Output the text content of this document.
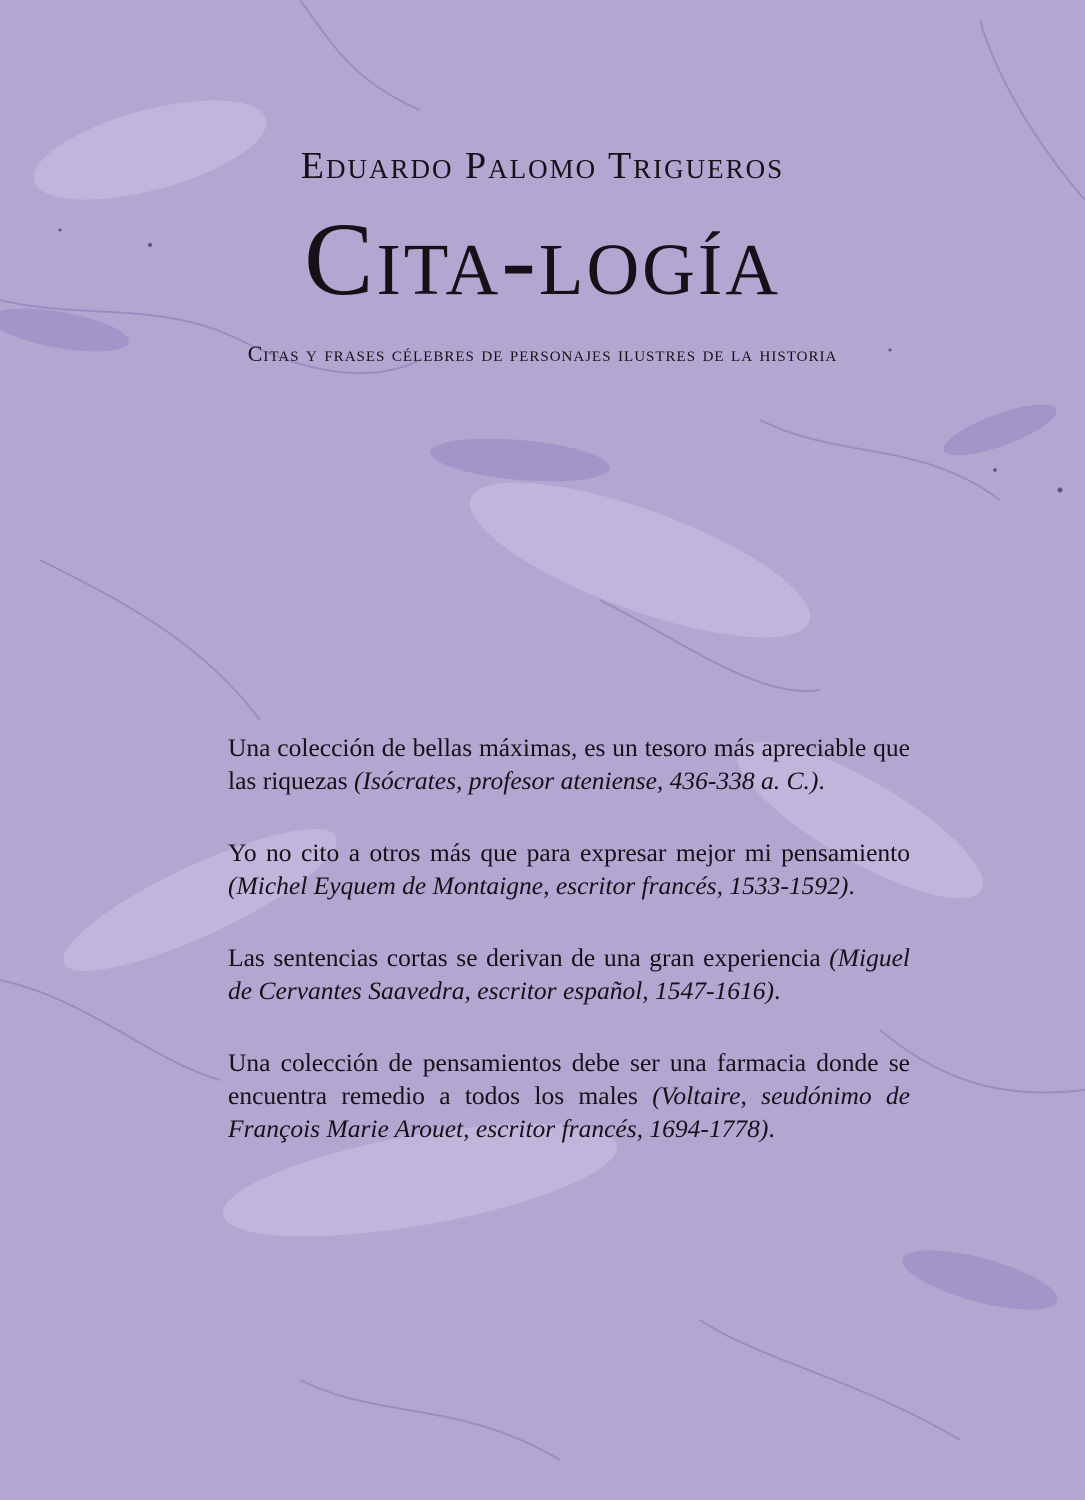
Eduardo Palomo Trigueros

Cita-logía

Citas y frases célebres de personajes ilustres de la historia

Una colección de bellas máximas, es un tesoro más apreciable que las riquezas (Isócrates, profesor ateniense, 436-338 a. C.).

Yo no cito a otros más que para expresar mejor mi pensamiento (Michel Eyquem de Montaigne, escritor francés, 1533-1592).

Las sentencias cortas se derivan de una gran experiencia (Miguel de Cervantes Saavedra, escritor español, 1547-1616).

Una colección de pensamientos debe ser una farmacia donde se encuentra remedio a todos los males (Voltaire, seudónimo de François Marie Arouet, escritor francés, 1694-1778).
